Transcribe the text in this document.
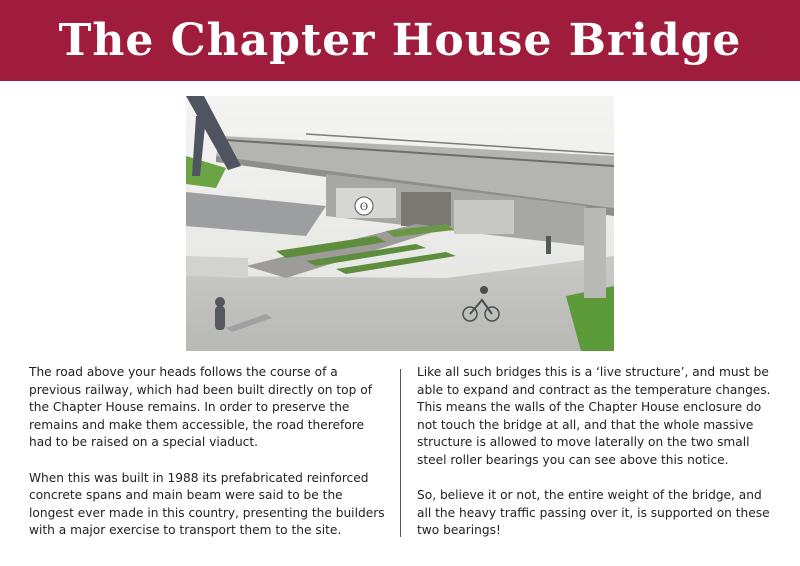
The Chapter House Bridge
ʘ

The road above your heads follows the course of a previous railway, which had been built directly on top of the Chapter House remains. In order to preserve the remains and make them accessible, the road therefore had to be raised on a special viaduct.

When this was built in 1988 its prefabricated reinforced concrete spans and main beam were said to be the longest ever made in this country, presenting the builders with a major exercise to transport them to the site.

Like all such bridges this is a ‘live structure’, and must be able to expand and contract as the temperature changes. This means the walls of the Chapter House enclosure do not touch the bridge at all, and that the whole massive structure is allowed to move laterally on the two small steel roller bearings you can see above this notice.

So, believe it or not, the entire weight of the bridge, and all the heavy traffic passing over it, is supported on these two bearings!
